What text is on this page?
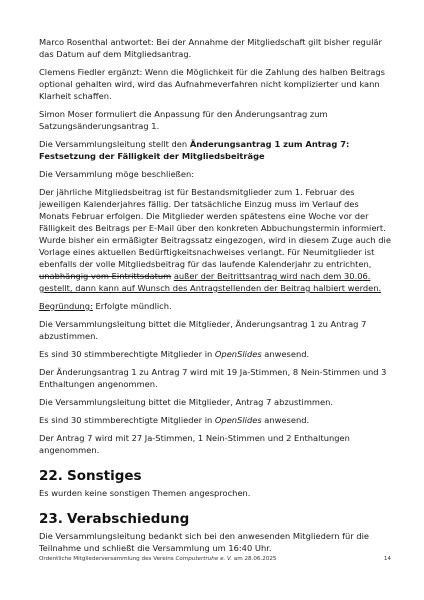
Marco Rosenthal antwortet: Bei der Annahme der Mitgliedschaft gilt bisher regulär das Datum auf dem Mitgliedsantrag.

Clemens Fiedler ergänzt: Wenn die Möglichkeit für die Zahlung des halben Beitrags optional gehalten wird, wird das Aufnahmeverfahren nicht komplizierter und kann Klarheit schaffen.

Simon Moser formuliert die Anpassung für den Änderungsantrag zum Satzungsänderungsantrag 1.

Die Versammlungsleitung stellt den Änderungsantrag 1 zum Antrag 7: Festsetzung der Fälligkeit der Mitgliedsbeiträge

Die Versammlung möge beschließen:

Der jährliche Mitgliedsbeitrag ist für Bestandsmitglieder zum 1. Februar des jeweiligen Kalenderjahres fällig. Der tatsächliche Einzug muss im Verlauf des Monats Februar erfolgen. Die Mitglieder werden spätestens eine Woche vor der Fälligkeit des Beitrags per E-Mail über den konkreten Abbuchungstermin informiert. Wurde bisher ein ermäßigter Beitragssatz eingezogen, wird in diesem Zuge auch die Vorlage eines aktuellen Bedürftigkeitsnachweises verlangt. Für Neumitglieder ist ebenfalls der volle Mitgliedsbeitrag für das laufende Kalenderjahr zu entrichten, unabhängig vom Eintrittsdatum außer der Beitrittsantrag wird nach dem 30.06. gestellt, dann kann auf Wunsch des Antragstellenden der Beitrag halbiert werden.

Begründung: Erfolgte mündlich.

Die Versammlungsleitung bittet die Mitglieder, Änderungsantrag 1 zu Antrag 7 abzustimmen.

Es sind 30 stimmberechtigte Mitglieder in OpenSlides anwesend.

Der Änderungsantrag 1 zu Antrag 7 wird mit 19 Ja-Stimmen, 8 Nein-Stimmen und 3 Enthaltungen angenommen.

Die Versammlungsleitung bittet die Mitglieder, Antrag 7 abzustimmen.

Es sind 30 stimmberechtigte Mitglieder in OpenSlides anwesend.

Der Antrag 7 wird mit 27 Ja-Stimmen, 1 Nein-Stimmen und 2 Enthaltungen angenommen.

22. Sonstiges

Es wurden keine sonstigen Themen angesprochen.

23. Verabschiedung

Die Versammlungsleitung bedankt sich bei den anwesenden Mitgliedern für die Teilnahme und schließt die Versammlung um 16:40 Uhr.

Ordentliche Mitgliederversammlung des Vereins Computertruhe e. V. am 28.06.2025	14
